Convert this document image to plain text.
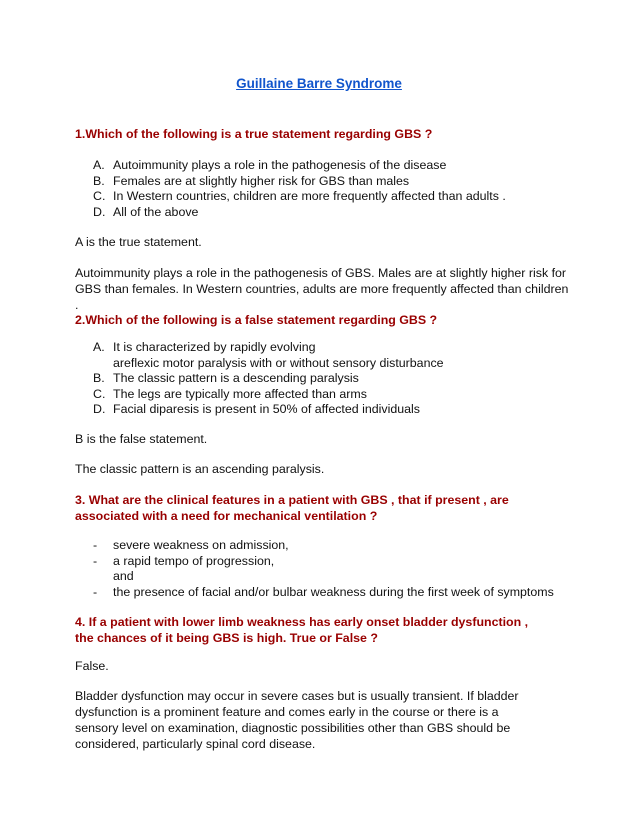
Guillaine Barre Syndrome
1.Which of the following is a true statement regarding GBS ?
A. Autoimmunity plays a role in the pathogenesis of the disease
B. Females are at slightly higher risk for GBS than males
C. In Western countries, children are more frequently affected than adults .
D. All of the above
A is the true statement.
Autoimmunity plays a role in the pathogenesis of GBS. Males are at slightly higher risk for GBS than females. In Western countries, adults are more frequently affected than children .
2.Which of the following is a false statement regarding GBS ?
A. It is characterized by rapidly evolving
areflexic motor paralysis with or without sensory disturbance
B. The classic pattern is a descending paralysis
C. The legs are typically more affected than arms
D. Facial diparesis is present in 50% of affected individuals
B is the false statement.
The classic pattern is an ascending paralysis.
3. What are the clinical features in a patient with GBS , that if present , are associated with a need for mechanical ventilation ?
- severe weakness on admission,
- a rapid tempo of progression,
and
- the presence of facial and/or bulbar weakness during the first week of symptoms
4. If a patient with lower limb weakness has early onset bladder dysfunction , the chances of it being GBS is high. True or False ?
False.
Bladder dysfunction may occur in severe cases but is usually transient. If bladder dysfunction is a prominent feature and comes early in the course or there is a
sensory level on examination, diagnostic possibilities other than GBS should be considered, particularly spinal cord disease.
